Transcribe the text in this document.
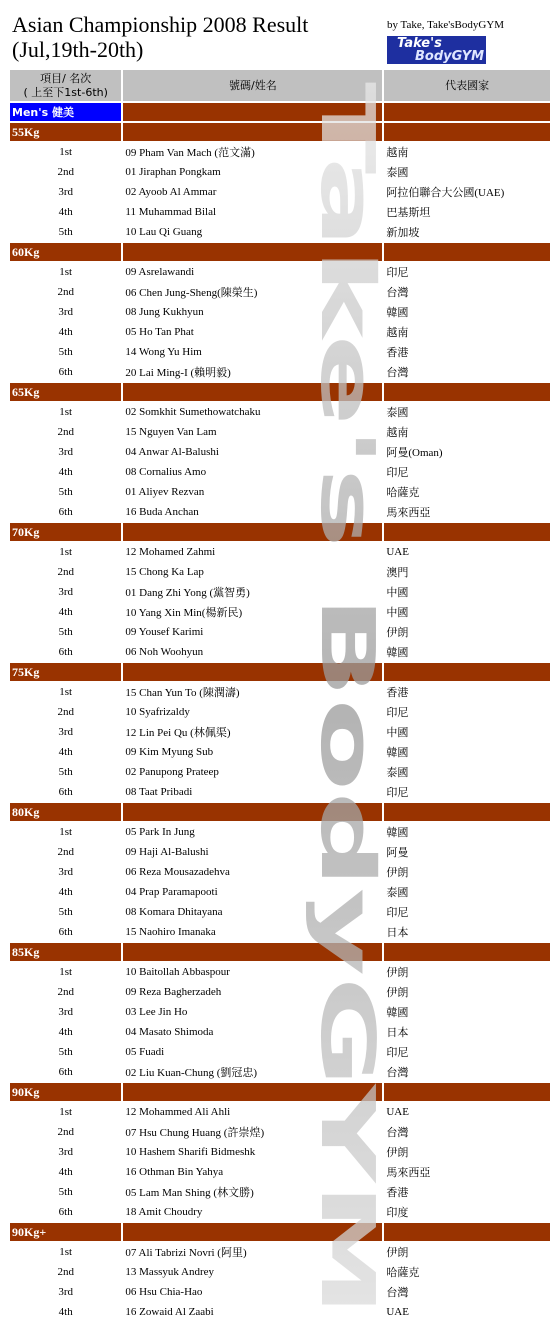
Asian Championship 2008 Result (Jul,19th-20th)
by Take, Take'sBodyGYM
Take's
BodyGYM
項目/ 名次
( 上至下1st-6th)	號碼/姓名	代表國家
Men's 健美		
55Kg		
1st	09 Pham Van Mach (范文滿)	越南
2nd	01 Jiraphan Pongkam	泰國
3rd	02 Ayoob Al Ammar	阿拉伯聯合大公國(UAE)
4th	11 Muhammad Bilal	巴基斯坦
5th	10 Lau Qi Guang	新加坡
60Kg		
1st	09 Asrelawandi	印尼
2nd	06 Chen Jung-Sheng(陳榮生)	台灣
3rd	08 Jung Kukhyun	韓國
4th	05 Ho Tan Phat	越南
5th	14 Wong Yu Him	香港
6th	20 Lai Ming-I (賴明毅)	台灣
65Kg		
1st	02 Somkhit Sumethowatchaku	泰國
2nd	15 Nguyen Van Lam	越南
3rd	04 Anwar Al-Balushi	阿曼(Oman)
4th	08 Cornalius Amo	印尼
5th	01 Aliyev Rezvan	哈薩克
6th	16 Buda Anchan	馬來西亞
70Kg		
1st	12 Mohamed Zahmi	UAE
2nd	15 Chong Ka Lap	澳門
3rd	01 Dang Zhi Yong (黨智勇)	中國
4th	10 Yang Xin Min(楊新民)	中國
5th	09 Yousef Karimi	伊朗
6th	06 Noh Woohyun	韓國
75Kg		
1st	15 Chan Yun To (陳潤濤)	香港
2nd	10 Syafrizaldy	印尼
3rd	12 Lin Pei Qu (林佩渠)	中國
4th	09 Kim Myung Sub	韓國
5th	02 Panupong Prateep	泰國
6th	08 Taat Pribadi	印尼
80Kg		
1st	05 Park In Jung	韓國
2nd	09 Haji Al-Balushi	阿曼
3rd	06 Reza Mousazadehva	伊朗
4th	04 Prap Paramapooti	泰國
5th	08 Komara Dhitayana	印尼
6th	15 Naohiro Imanaka	日本
85Kg		
1st	10 Baitollah Abbaspour	伊朗
2nd	09 Reza Bagherzadeh	伊朗
3rd	03 Lee Jin Ho	韓國
4th	04 Masato Shimoda	日本
5th	05 Fuadi	印尼
6th	02 Liu Kuan-Chung (劉冠忠)	台灣
90Kg		
1st	12 Mohammed Ali Ahli	UAE
2nd	07 Hsu Chung Huang (許崇煌)	台灣
3rd	10 Hashem Sharifi Bidmeshk	伊朗
4th	16 Othman Bin Yahya	馬來西亞
5th	05 Lam Man Shing (林文勝)	香港
6th	18 Amit Choudry	印度
90Kg+		
1st	07 Ali Tabrizi Novri (阿里)	伊朗
2nd	13 Massyuk Andrey	哈薩克
3rd	06 Hsu Chia-Hao	台灣
4th	16 Zowaid Al Zaabi	UAE
Take's BodyGYM
